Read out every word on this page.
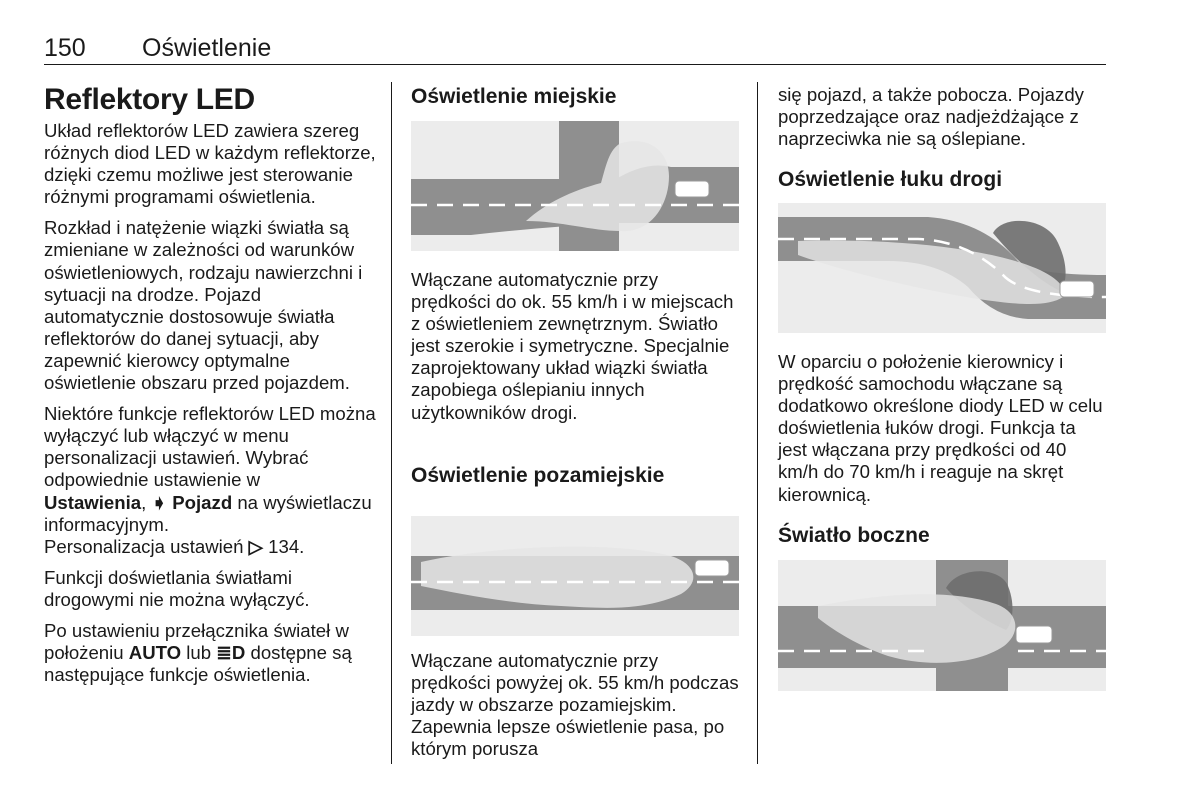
150 Oświetlenie
Reflektory LED

Układ reflektorów LED zawiera szereg różnych diod LED w każdym reflektorze, dzięki czemu możliwe jest sterowanie różnymi programami oświetlenia.

Rozkład i natężenie wiązki światła są zmieniane w zależności od warunków oświetleniowych, rodzaju nawierzchni i sytuacji na drodze. Pojazd automatycznie dostosowuje światła reflektorów do danej sytuacji, aby zapewnić kierowcy optymalne oświetlenie obszaru przed pojazdem.

Niektóre funkcje reflektorów LED można wyłączyć lub włączyć w menu personalizacji ustawień. Wybrać odpowiednie ustawienie w
Ustawienia, ➧ Pojazd na wyświetlaczu informacyjnym.
Personalizacja ustawień ▷ 134.

Funkcji doświetlania światłami drogowymi nie można wyłączyć.

Po ustawieniu przełącznika świateł w położeniu AUTO lub ≣D dostępne są następujące funkcje oświetlenia.

Oświetlenie miejskie

Włączane automatycznie przy prędkości do ok. 55 km/h i w miejscach z oświetleniem zewnętrznym. Światło jest szerokie i symetryczne. Specjalnie zaprojektowany układ wiązki światła zapobiega oślepianiu innych użytkowników drogi.

Oświetlenie pozamiejskie

Włączane automatycznie przy prędkości powyżej ok. 55 km/h podczas jazdy w obszarze pozamiejskim. Zapewnia lepsze oświetlenie pasa, po którym porusza

się pojazd, a także pobocza. Pojazdy poprzedzające oraz nadjeżdżające z naprzeciwka nie są oślepiane.

Oświetlenie łuku drogi

W oparciu o położenie kierownicy i prędkość samochodu włączane są dodatkowo określone diody LED w celu doświetlenia łuków drogi. Funkcja ta jest włączana przy prędkości od 40 km/h do 70 km/h i reaguje na skręt kierownicą.

Światło boczne
